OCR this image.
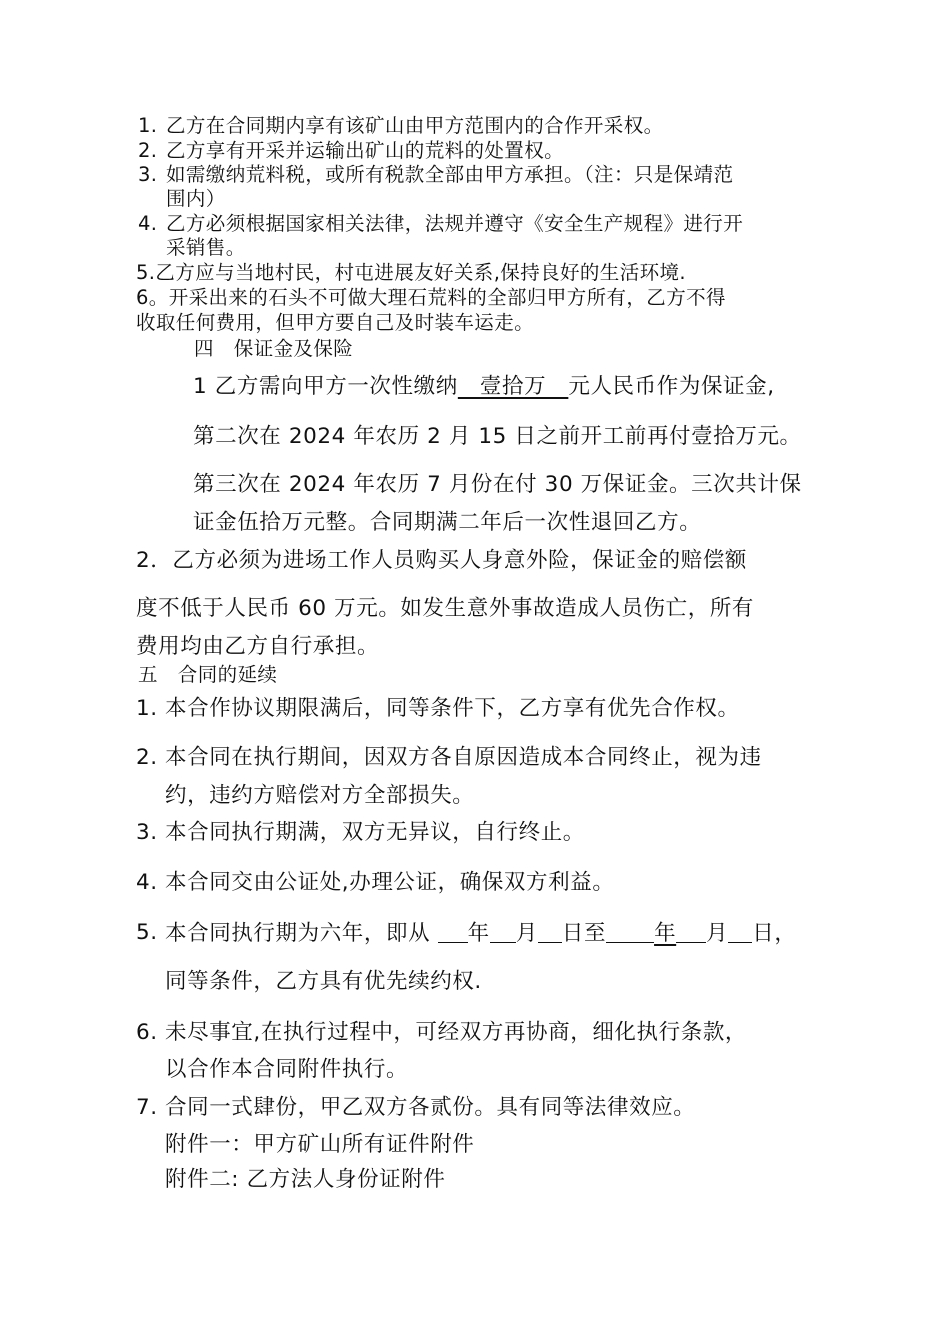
1. 乙方在合同期内享有该矿山由甲方范围内的合作开采权。
2. 乙方享有开采并运输出矿山的荒料的处置权。
3. 如需缴纳荒料税，或所有税款全部由甲方承担。（注：只是保靖范
围内）
4. 乙方必须根据国家相关法律，法规并遵守《安全生产规程》进行开
采销售。
5.乙方应与当地村民，村屯进展友好关系,保持良好的生活环境.
6。开采出来的石头不可做大理石荒料的全部归甲方所有，乙方不得
收取任何费用，但甲方要自己及时装车运走。
四　保证金及保险
1 乙方需向甲方一次性缴纳　壹拾万　元人民币作为保证金,
第二次在 2024 年农历 2 月 15 日之前开工前再付壹拾万元。
第三次在 2024 年农历 7 月份在付 30 万保证金。三次共计保
证金伍拾万元整。合同期满二年后一次性退回乙方。
2．乙方必须为进场工作人员购买人身意外险，保证金的赔偿额
度不低于人民币 60 万元。如发生意外事故造成人员伤亡，所有
费用均由乙方自行承担。
五　合同的延续
1. 本合作协议期限满后，同等条件下，乙方享有优先合作权。
2. 本合同在执行期间，因双方各自原因造成本合同终止，视为违
约，违约方赔偿对方全部损失。
3. 本合同执行期满，双方无异议，自行终止。
4. 本合同交由公证处,办理公证，确保双方利益。
5. 本合同执行期为六年，即从 年 月 日至 年 月 日，
同等条件，乙方具有优先续约权.
6. 未尽事宜,在执行过程中，可经双方再协商，细化执行条款，
以合作本合同附件执行。
7. 合同一式肆份，甲乙双方各贰份。具有同等法律效应。
附件一：甲方矿山所有证件附件
附件二: 乙方法人身份证附件
